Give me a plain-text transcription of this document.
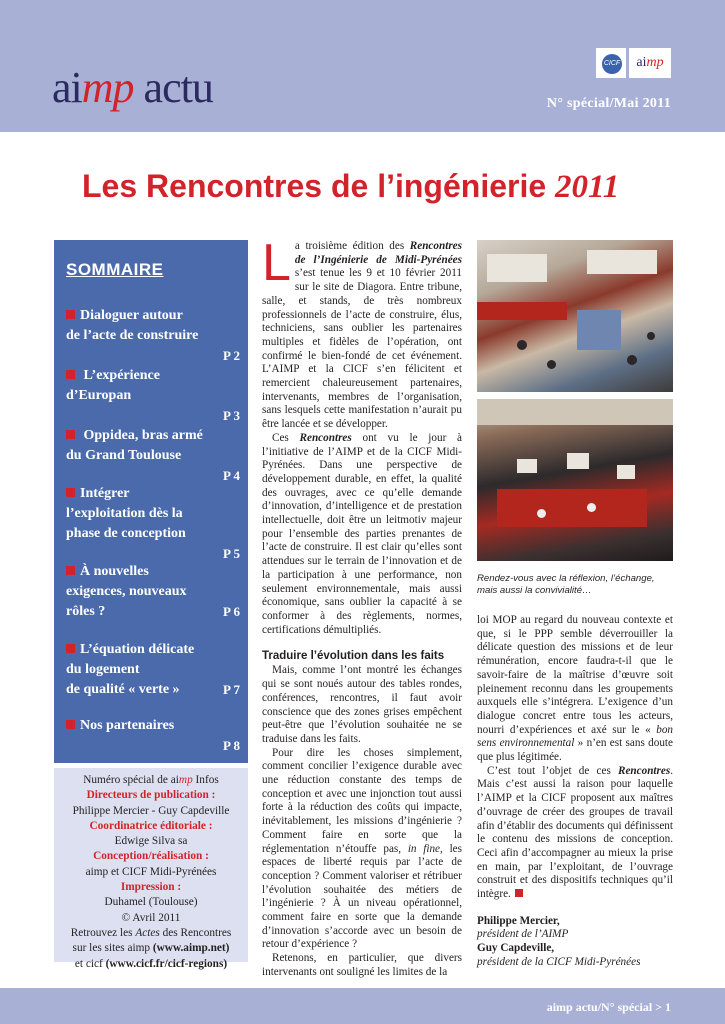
aimp actu	CICF	aimp
N° spécial/Mai 2011
Les Rencontres de l’ingénierie 2011
SOMMAIRE
Dialoguer autour
de l’acte de construire
P 2
L’expérience
d’Europan
P 3
Oppidea, bras armé
du Grand Toulouse
P 4
Intégrer
l’exploitation dès la
phase de conception
P 5
À nouvelles
exigences, nouveaux
rôles ?	P 6
L’équation délicate
du logement
de qualité « verte »	P 7
Nos partenaires
P 8
Numéro spécial de aimp Infos
Directeurs de publication :
Philippe Mercier - Guy Capdeville
Coordinatrice éditoriale :
Edwige Silva sa
Conception/réalisation :
aimp et CICF Midi-Pyrénées
Impression :
Duhamel (Toulouse)
© Avril 2011
Retrouvez les Actes des Rencontres
sur les sites aimp (www.aimp.net)
et cicf (www.cicf.fr/cicf-regions)

La troisième édition des Rencontres de l’Ingénierie de Midi-Pyrénées s’est tenue les 9 et 10 février 2011 sur le site de Diagora. Entre tribune, salle, et stands, de très nombreux professionnels de l’acte de construire, élus, techniciens, sans oublier les partenaires multiples et fidèles de l’opération, ont confirmé le bien-fondé de cet événement. L’AIMP et la CICF s’en félicitent et remercient chaleureusement partenaires, intervenants, membres de l’organisation, sans lesquels cette manifestation n’aurait pu être lancée et se développer.

Ces Rencontres ont vu le jour à l’initiative de l’AIMP et de la CICF Midi-Pyrénées. Dans une perspective de développement durable, en effet, la qualité des ouvrages, avec ce qu’elle demande d’innovation, d’intelligence et de prestation intellectuelle, doit être un leitmotiv majeur pour l’ensemble des parties prenantes de l’acte de construire. Il est clair qu’elles sont attendues sur le terrain de l’innovation et de la participation à une performance, non seulement environnementale, mais aussi économique, sans oublier la capacité à se conformer à des règlements, normes, certifications démultipliés.

Traduire l’évolution dans les faits

Mais, comme l’ont montré les échanges qui se sont noués autour des tables rondes, conférences, rencontres, il faut avoir conscience que des zones grises empêchent peut-être que l’évolution souhaitée ne se traduise dans les faits.

Pour dire les choses simplement, comment concilier l’exigence durable avec une réduction constante des temps de conception et avec une injonction tout aussi forte à la réduction des coûts qui impacte, inévitablement, les missions d’ingénierie ? Comment faire en sorte que la réglementation n’étouffe pas, in fine, les espaces de liberté requis par l’acte de conception ? Comment valoriser et rétribuer l’évolution souhaitée des métiers de l’ingénierie ? À un niveau opérationnel, comment faire en sorte que la demande d’innovation s’accorde avec un besoin de retour d’expérience ?

Retenons, en particulier, que divers intervenants ont souligné les limites de la

Rendez-vous avec la réflexion, l’échange, mais aussi la convivialité…

loi MOP au regard du nouveau contexte et que, si le PPP semble déverrouiller la délicate question des missions et de leur rémunération, encore faudra-t-il que le savoir-faire de la maîtrise d’œuvre soit pleinement reconnu dans les groupements auxquels elle s’intégrera. L’exigence d’un dialogue concret entre tous les acteurs, nourri d’expériences et axé sur le « bon sens environnemental » n’en est sans doute que plus légitimée.

C’est tout l’objet de ces Rencontres. Mais c’est aussi la raison pour laquelle l’AIMP et la CICF proposent aux maîtres d’ouvrage de créer des groupes de travail afin d’établir des documents qui définissent le contenu des missions de conception. Ceci afin d’accompagner au mieux la prise en main, par l’exploitant, de l’ouvrage construit et des dispositifs techniques qu’il intègre.

Philippe Mercier,
président de l’AIMP
Guy Capdeville,
président de la CICF Midi-Pyrénées
aimp actu/N° spécial > 1
